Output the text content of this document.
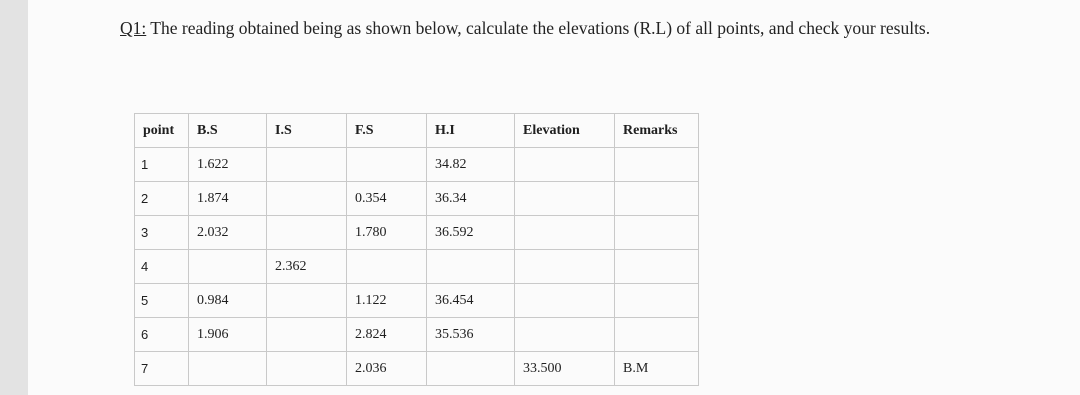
Q1: The reading obtained being as shown below, calculate the elevations (R.L) of all points, and check your results.
point	B.S	I.S	F.S	H.I	Elevation	Remarks
1	1.622			34.82		
2	1.874		0.354	36.34		
3	2.032		1.780	36.592		
4		2.362				
5	0.984		1.122	36.454		
6	1.906		2.824	35.536		
7			2.036		33.500	B.M
